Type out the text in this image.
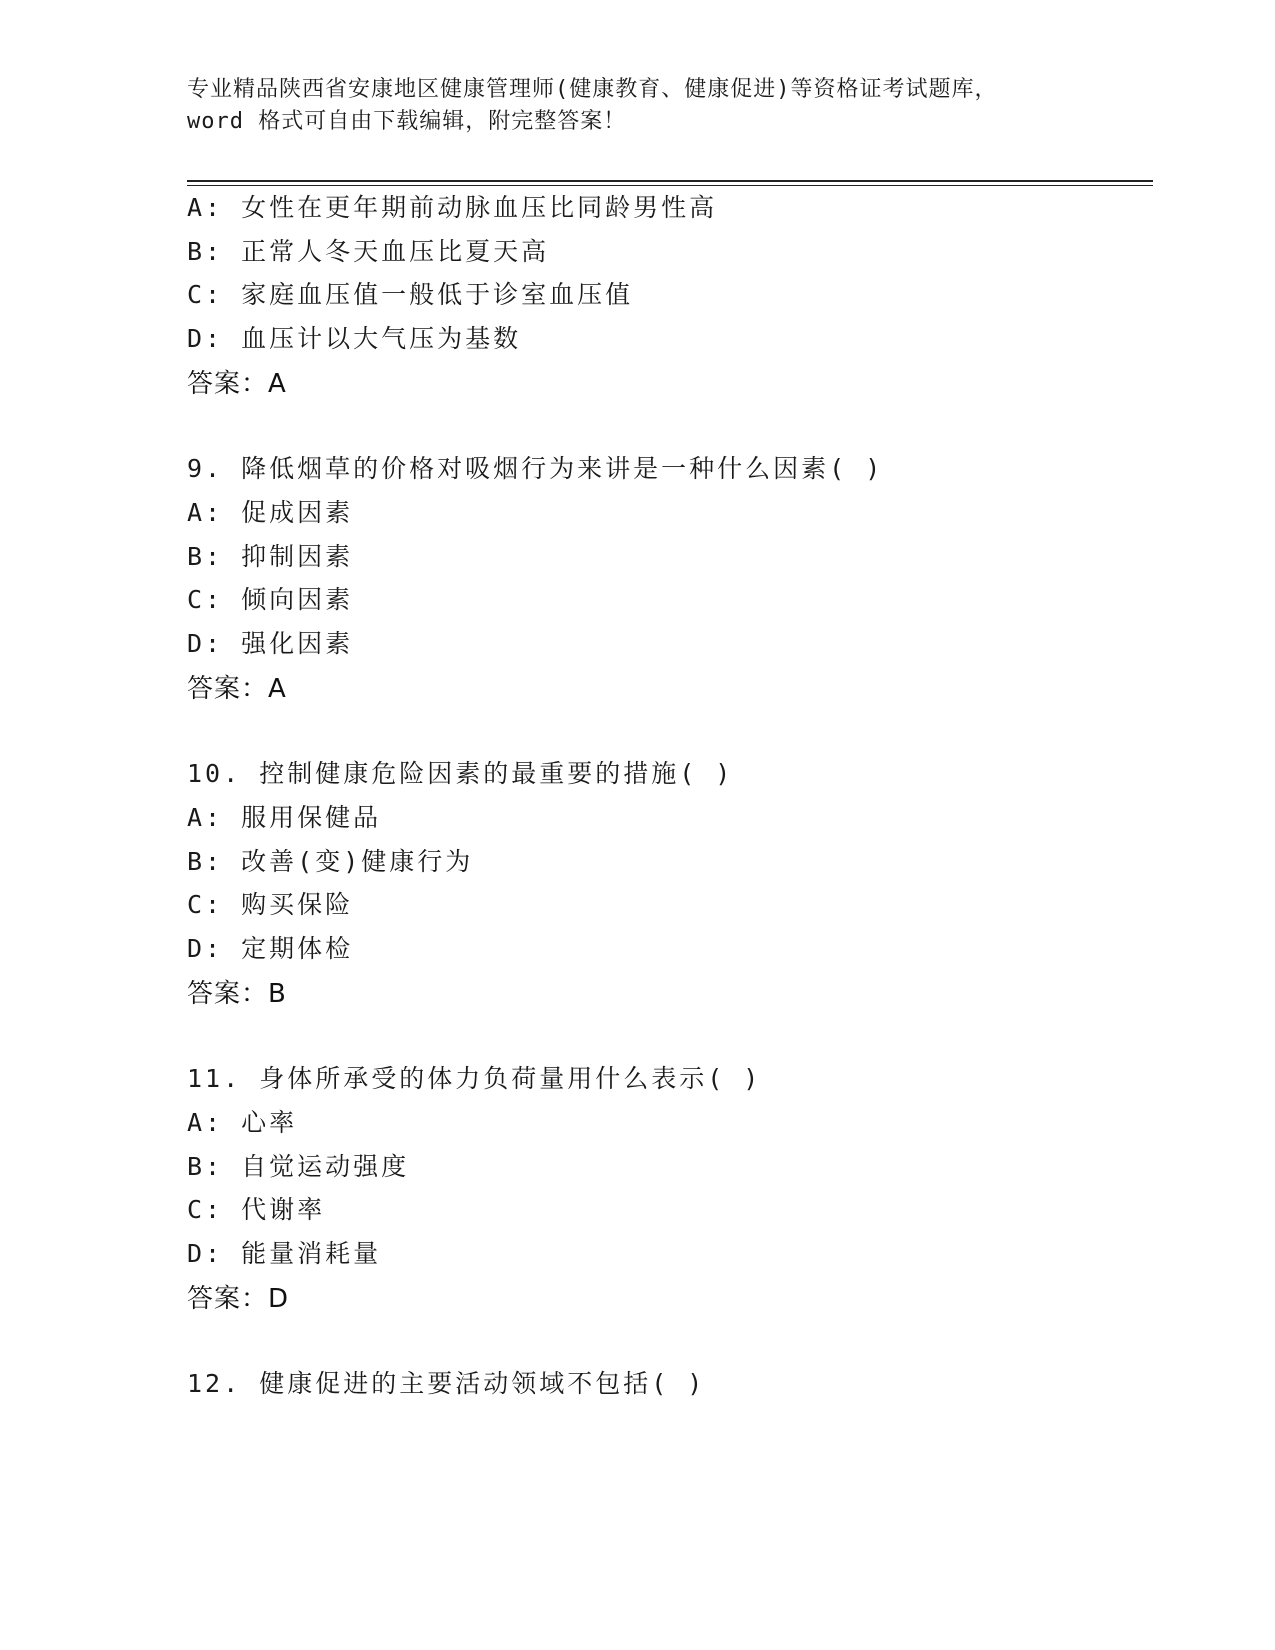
专业精品陕西省安康地区健康管理师(健康教育、健康促进)等资格证考试题库，
word 格式可自由下载编辑，附完整答案！
A: 女性在更年期前动脉血压比同龄男性高
B: 正常人冬天血压比夏天高
C: 家庭血压值一般低于诊室血压值
D: 血压计以大气压为基数
答案：A
9. 降低烟草的价格对吸烟行为来讲是一种什么因素( )
A: 促成因素
B: 抑制因素
C: 倾向因素
D: 强化因素
答案：A
10. 控制健康危险因素的最重要的措施( )
A: 服用保健品
B: 改善(变)健康行为
C: 购买保险
D: 定期体检
答案：B
11. 身体所承受的体力负荷量用什么表示( )
A: 心率
B: 自觉运动强度
C: 代谢率
D: 能量消耗量
答案：D
12. 健康促进的主要活动领域不包括( )
